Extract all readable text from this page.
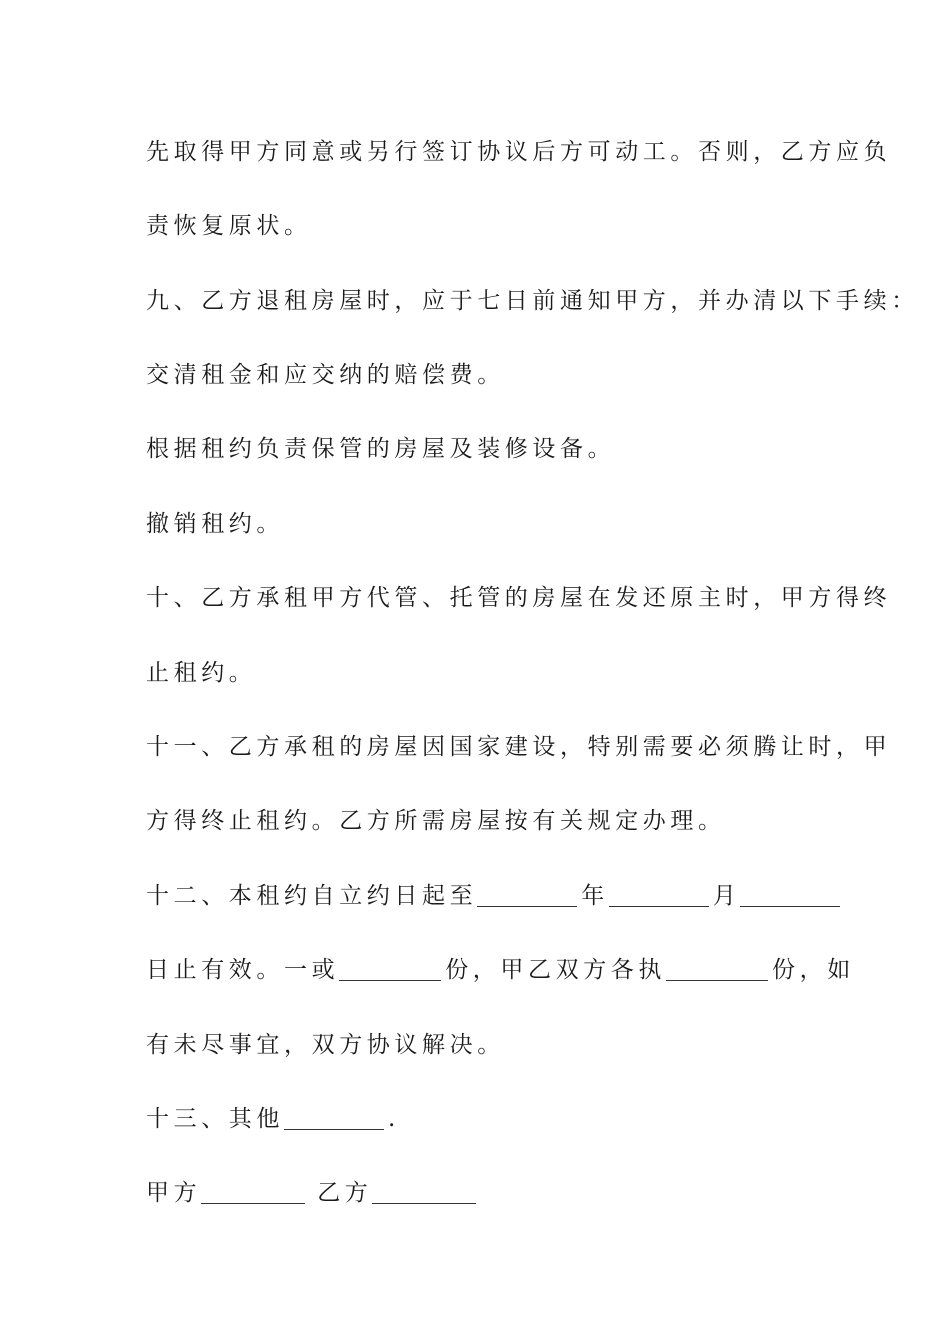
先取得甲方同意或另行签订协议后方可动工。否则，乙方应负
责恢复原状。
九、乙方退租房屋时，应于七日前通知甲方，并办清以下手续：
交清租金和应交纳的赔偿费。
根据租约负责保管的房屋及装修设备。
撤销租约。
十、乙方承租甲方代管、托管的房屋在发还原主时，甲方得终
止租约。
十一、乙方承租的房屋因国家建设，特别需要必须腾让时，甲
方得终止租约。乙方所需房屋按有关规定办理。
十二、本租约自立约日起至	年	月
日止有效。一或	份，甲乙双方各执	份，如
有未尽事宜，双方协议解决。
十三、其他	.
甲方	乙方
